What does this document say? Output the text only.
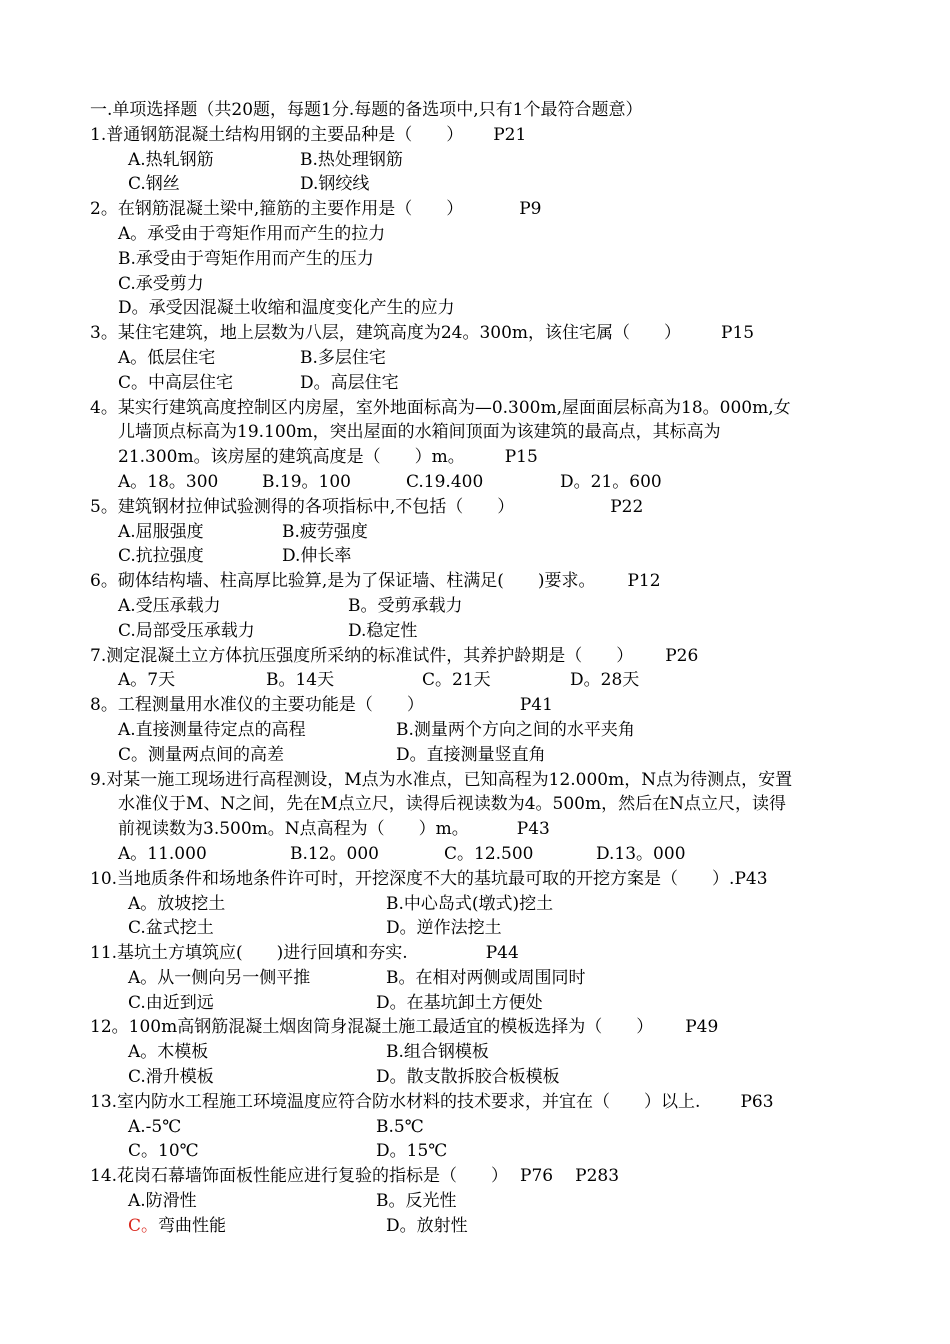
一.单项选择题（共20题，每题1分.每题的备选项中,只有1个最符合题意）
1.普通钢筋混凝土结构用钢的主要品种是（　　） P21
A.热轧钢筋	B.热处理钢筋
C.钢丝	D.钢绞线
2。在钢筋混凝土梁中,箍筋的主要作用是（　　）	P9
A。承受由于弯矩作用而产生的拉力
B.承受由于弯矩作用而产生的压力
C.承受剪力
D。承受因混凝土收缩和温度变化产生的应力
3。某住宅建筑，地上层数为八层，建筑高度为24。300m，该住宅属（　　） P15
A。低层住宅	B.多层住宅
C。中高层住宅	D。高层住宅
4。某实行建筑高度控制区内房屋，室外地面标高为—0.300m,屋面面层标高为18。000m,女
儿墙顶点标高为19.100m，突出屋面的水箱间顶面为该建筑的最高点，其标高为
21.300m。该房屋的建筑高度是（　　）m。 P15
A。18。300	B.19。100	C.19.400	D。21。600
5。建筑钢材拉伸试验测得的各项指标中,不包括（　　）	P22
A.屈服强度	B.疲劳强度
C.抗拉强度	D.伸长率
6。砌体结构墙、柱高厚比验算,是为了保证墙、柱满足(　　)要求。 P12
A.受压承载力	B。受剪承载力
C.局部受压承载力	D.稳定性
7.测定混凝土立方体抗压强度所采纳的标准试件，其养护龄期是（　　） P26
A。7天	B。14天	C。21天	D。28天
8。工程测量用水准仪的主要功能是（　　）	P41
A.直接测量待定点的高程	B.测量两个方向之间的水平夹角
C。测量两点间的高差	D。直接测量竖直角
9.对某一施工现场进行高程测设，M点为水准点，已知高程为12.000m，N点为待测点，安置
水准仪于M、N之间，先在M点立尺，读得后视读数为4。500m，然后在N点立尺，读得
前视读数为3.500m。N点高程为（　　）m。	P43
A。11.000	B.12。000	C。12.500	D.13。000
10.当地质条件和场地条件许可时，开挖深度不大的基坑最可取的开挖方案是（　　）.P43
A。放坡挖土	B.中心岛式(墩式)挖土
C.盆式挖土	D。逆作法挖土
11.基坑土方填筑应(　　)进行回填和夯实.	P44
A。从一侧向另一侧平推	B。在相对两侧或周围同时
C.由近到远	D。在基坑卸土方便处
12。100m高钢筋混凝土烟囱筒身混凝土施工最适宜的模板选择为（　　） P49
A。木模板	B.组合钢模板
C.滑升模板	D。散支散拆胶合板模板
13.室内防水工程施工环境温度应符合防水材料的技术要求，并宜在（　　）以上. P63
A.-5℃	B.5℃
C。10℃	D。15℃
14.花岗石幕墙饰面板性能应进行复验的指标是（　　） P76 P283
A.防滑性	B。反光性
C。弯曲性能	D。放射性
